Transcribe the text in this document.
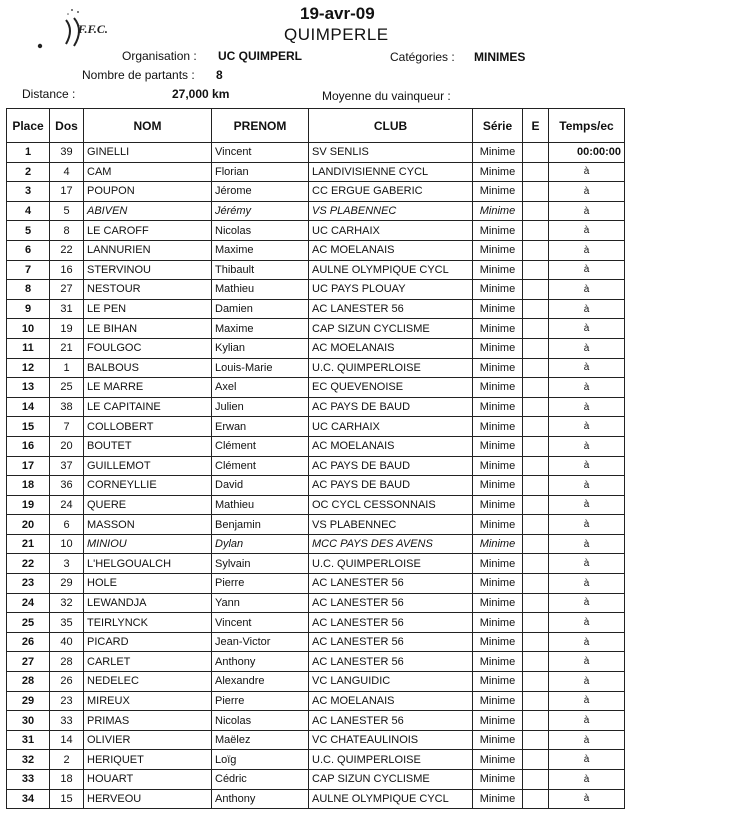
F.F.C.
19-avr-09
QUIMPERLE
Organisation : UC QUIMPERL	Catégories : MINIMES
Nombre de partants : 8
Distance :	27,000 km	Moyenne du vainqueur :
Place	Dos	NOM	PRENOM	CLUB	Série	E	Temps/ec
1	39	GINELLI	Vincent	SV SENLIS	Minime		00:00:00
2	4	CAM	Florian	LANDIVISIENNE CYCL	Minime		à
3	17	POUPON	Jérome	CC ERGUE GABERIC	Minime		à
4	5	ABIVEN	Jérémy	VS PLABENNEC	Minime		à
5	8	LE CAROFF	Nicolas	UC CARHAIX	Minime		à
6	22	LANNURIEN	Maxime	AC MOELANAIS	Minime		à
7	16	STERVINOU	Thibault	AULNE OLYMPIQUE CYCL	Minime		à
8	27	NESTOUR	Mathieu	UC PAYS PLOUAY	Minime		à
9	31	LE PEN	Damien	AC LANESTER 56	Minime		à
10	19	LE BIHAN	Maxime	CAP SIZUN CYCLISME	Minime		à
11	21	FOULGOC	Kylian	AC MOELANAIS	Minime		à
12	1	BALBOUS	Louis-Marie	U.C. QUIMPERLOISE	Minime		à
13	25	LE MARRE	Axel	EC QUEVENOISE	Minime		à
14	38	LE CAPITAINE	Julien	AC PAYS DE BAUD	Minime		à
15	7	COLLOBERT	Erwan	UC CARHAIX	Minime		à
16	20	BOUTET	Clément	AC MOELANAIS	Minime		à
17	37	GUILLEMOT	Clément	AC PAYS DE BAUD	Minime		à
18	36	CORNEYLLIE	David	AC PAYS DE BAUD	Minime		à
19	24	QUERE	Mathieu	OC CYCL CESSONNAIS	Minime		à
20	6	MASSON	Benjamin	VS PLABENNEC	Minime		à
21	10	MINIOU	Dylan	MCC PAYS DES AVENS	Minime		à
22	3	L'HELGOUALCH	Sylvain	U.C. QUIMPERLOISE	Minime		à
23	29	HOLE	Pierre	AC LANESTER 56	Minime		à
24	32	LEWANDJA	Yann	AC LANESTER 56	Minime		à
25	35	TEIRLYNCK	Vincent	AC LANESTER 56	Minime		à
26	40	PICARD	Jean-Victor	AC LANESTER 56	Minime		à
27	28	CARLET	Anthony	AC LANESTER 56	Minime		à
28	26	NEDELEC	Alexandre	VC LANGUIDIC	Minime		à
29	23	MIREUX	Pierre	AC MOELANAIS	Minime		à
30	33	PRIMAS	Nicolas	AC LANESTER 56	Minime		à
31	14	OLIVIER	Maëlez	VC CHATEAULINOIS	Minime		à
32	2	HERIQUET	Loïg	U.C. QUIMPERLOISE	Minime		à
33	18	HOUART	Cédric	CAP SIZUN CYCLISME	Minime		à
34	15	HERVEOU	Anthony	AULNE OLYMPIQUE CYCL	Minime		à
